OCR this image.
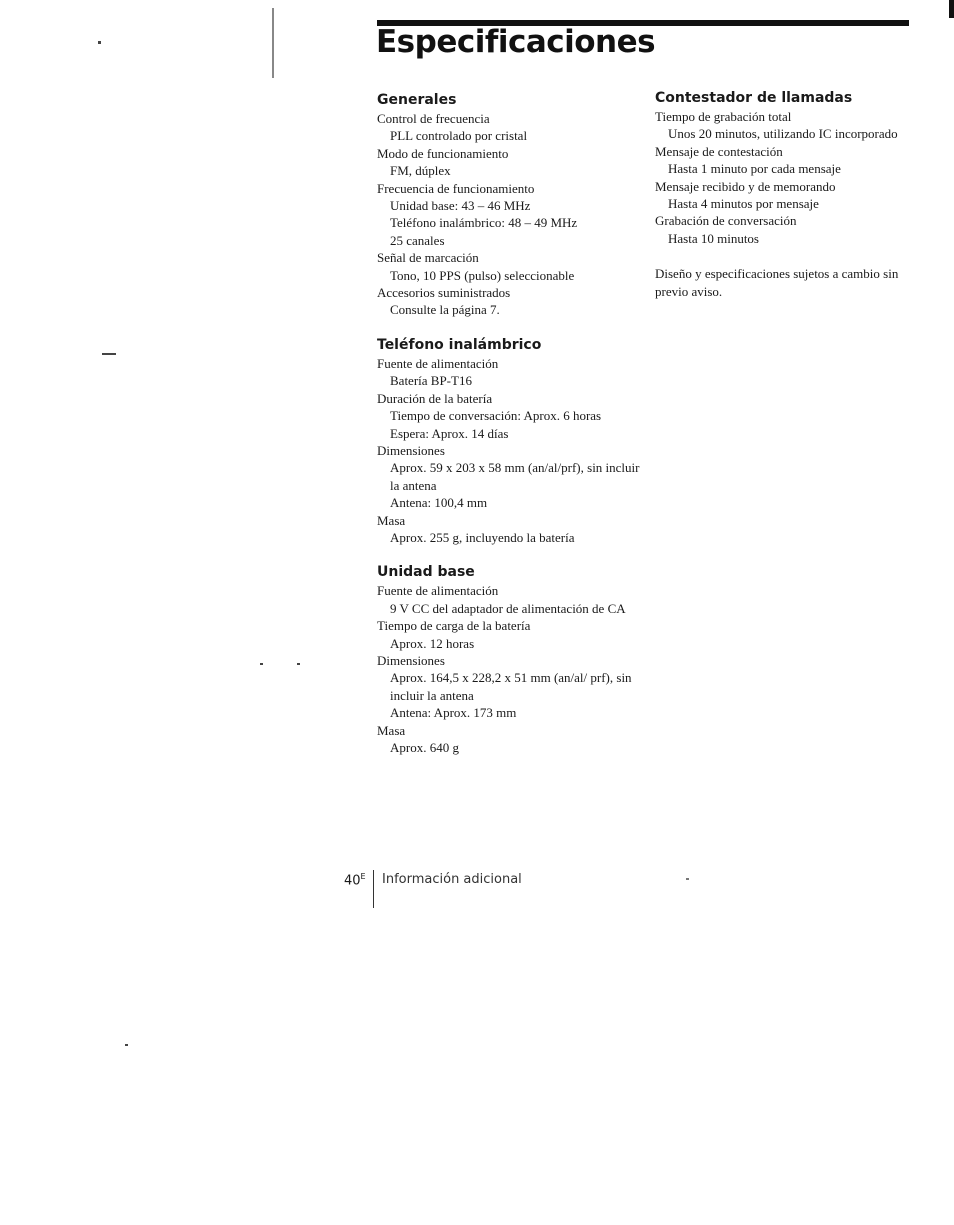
Especificaciones
Generales
Control de frecuencia
PLL controlado por cristal
Modo de funcionamiento
FM, dúplex
Frecuencia de funcionamiento
Unidad base: 43 – 46 MHz
Teléfono inalámbrico: 48 – 49 MHz
25 canales
Señal de marcación
Tono, 10 PPS (pulso) seleccionable
Accesorios suministrados
Consulte la página 7.
Teléfono inalámbrico
Fuente de alimentación
Batería BP-T16
Duración de la batería
Tiempo de conversación: Aprox. 6 horas
Espera: Aprox. 14 días
Dimensiones
Aprox. 59 x 203 x 58 mm (an/al/prf), sin incluir la antena
Antena: 100,4 mm
Masa
Aprox. 255 g, incluyendo la batería
Unidad base
Fuente de alimentación
9 V CC del adaptador de alimentación de CA
Tiempo de carga de la batería
Aprox. 12 horas
Dimensiones
Aprox. 164,5 x 228,2 x 51 mm (an/al/ prf), sin incluir la antena
Antena: Aprox. 173 mm
Masa
Aprox. 640 g
Contestador de llamadas
Tiempo de grabación total
Unos 20 minutos, utilizando IC incorporado
Mensaje de contestación
Hasta 1 minuto por cada mensaje
Mensaje recibido y de memorando
Hasta 4 minutos por mensaje
Grabación de conversación
Hasta 10 minutos
Diseño y especificaciones sujetos a cambio sin previo aviso.
$40^E$ Información adicional
